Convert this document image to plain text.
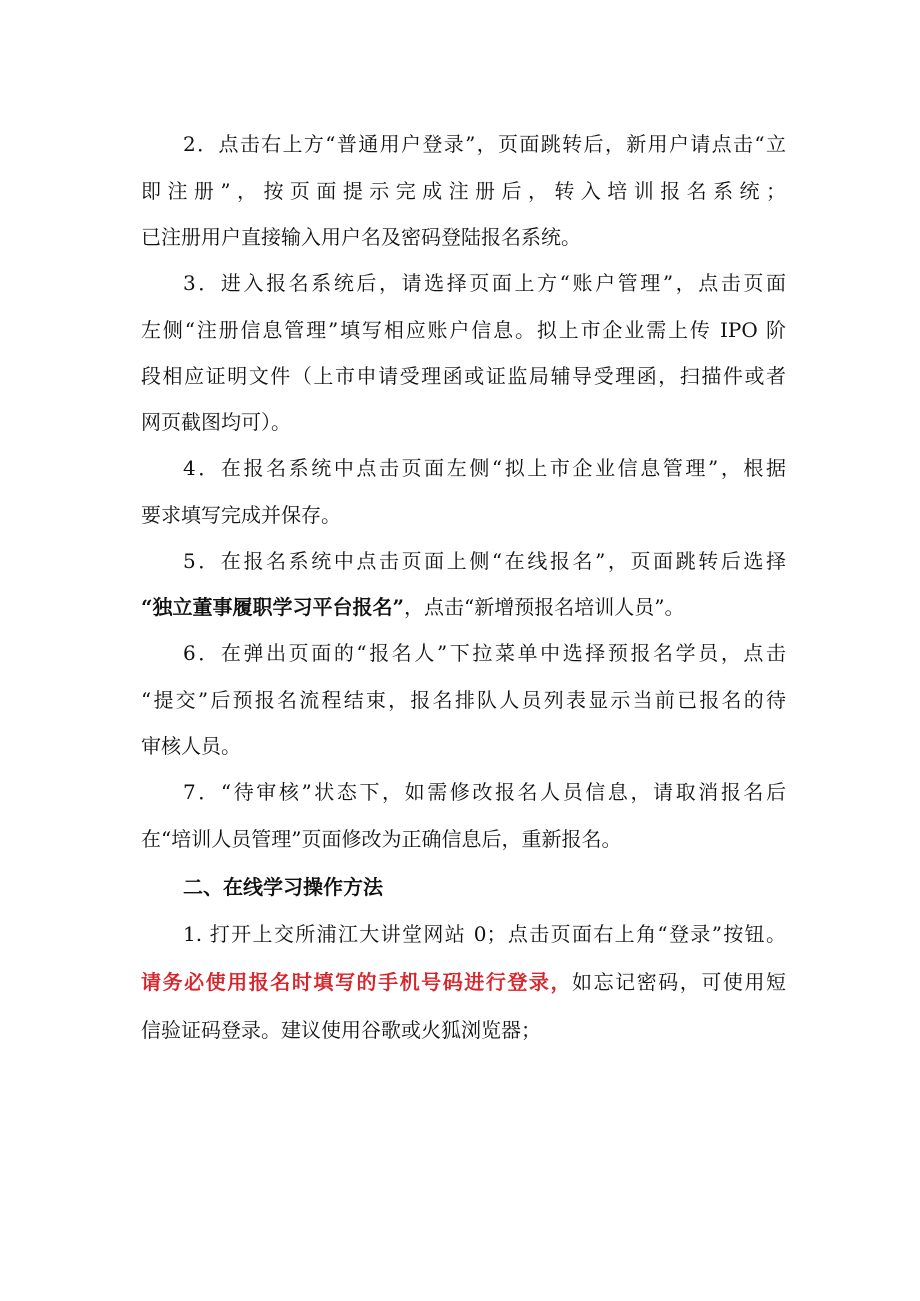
2．点击右上方“普通用户登录”，页面跳转后，新用户请点击“立
即注册”，按页面提示完成注册后，转入培训报名系统；
已注册用户直接输入用户名及密码登陆报名系统。
3．进入报名系统后，请选择页面上方“账户管理”，点击页面
左侧“注册信息管理”填写相应账户信息。拟上市企业需上传 IPO 阶
段相应证明文件（上市申请受理函或证监局辅导受理函，扫描件或者
网页截图均可）。
4．在报名系统中点击页面左侧“拟上市企业信息管理”，根据
要求填写完成并保存。
5．在报名系统中点击页面上侧“在线报名”，页面跳转后选择
“独立董事履职学习平台报名”，点击“新增预报名培训人员”。
6．在弹出页面的“报名人”下拉菜单中选择预报名学员，点击
“提交”后预报名流程结束，报名排队人员列表显示当前已报名的待
审核人员。
7．“待审核”状态下，如需修改报名人员信息，请取消报名后
在“培训人员管理”页面修改为正确信息后，重新报名。
二、在线学习操作方法
1. 打开上交所浦江大讲堂网站 0；点击页面右上角“登录”按钮。
请务必使用报名时填写的手机号码进行登录，如忘记密码，可使用短
信验证码登录。建议使用谷歌或火狐浏览器；
